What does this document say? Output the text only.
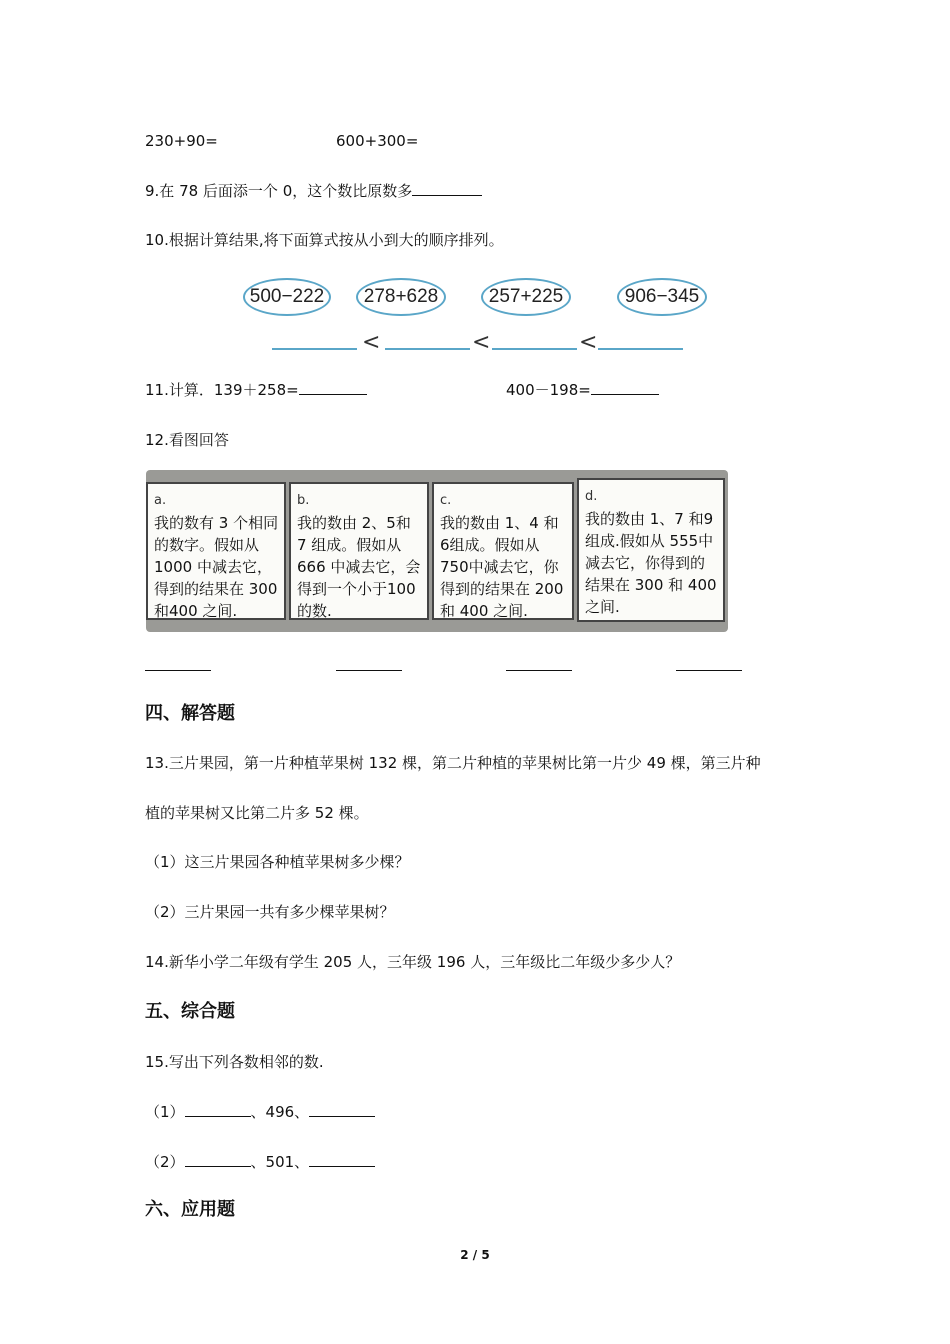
230+90=	600+300=
9.在 78 后面添一个 0，这个数比原数多
10.根据计算结果,将下面算式按从小到大的顺序排列。
500−222	278+628	257+225	906−345
<	<	<
11.计算．139＋258=	400－198=
12.看图回答
a.
我的数有 3 个相同的数字。假如从1000 中减去它，得到的结果在 300 和400 之间.
b.
我的数由 2、5和 7 组成。假如从666 中减去它，会得到一个小于100 的数.
c.
我的数由 1、4 和 6组成。假如从 750中减去它，你得到的结果在 200和 400 之间.
d.
我的数由 1、7 和9 组成.假如从 555中减去它，你得到的结果在 300 和 400之间.
四、解答题
13.三片果园，第一片种植苹果树 132 棵，第二片种植的苹果树比第一片少 49 棵，第三片种
植的苹果树又比第二片多 52 棵。
（1）这三片果园各种植苹果树多少棵？
（2）三片果园一共有多少棵苹果树？
14.新华小学二年级有学生 205 人，三年级 196 人，三年级比二年级少多少人？
五、综合题
15.写出下列各数相邻的数.
（1）	、496、
（2）	、501、
六、应用题
2 / 5
